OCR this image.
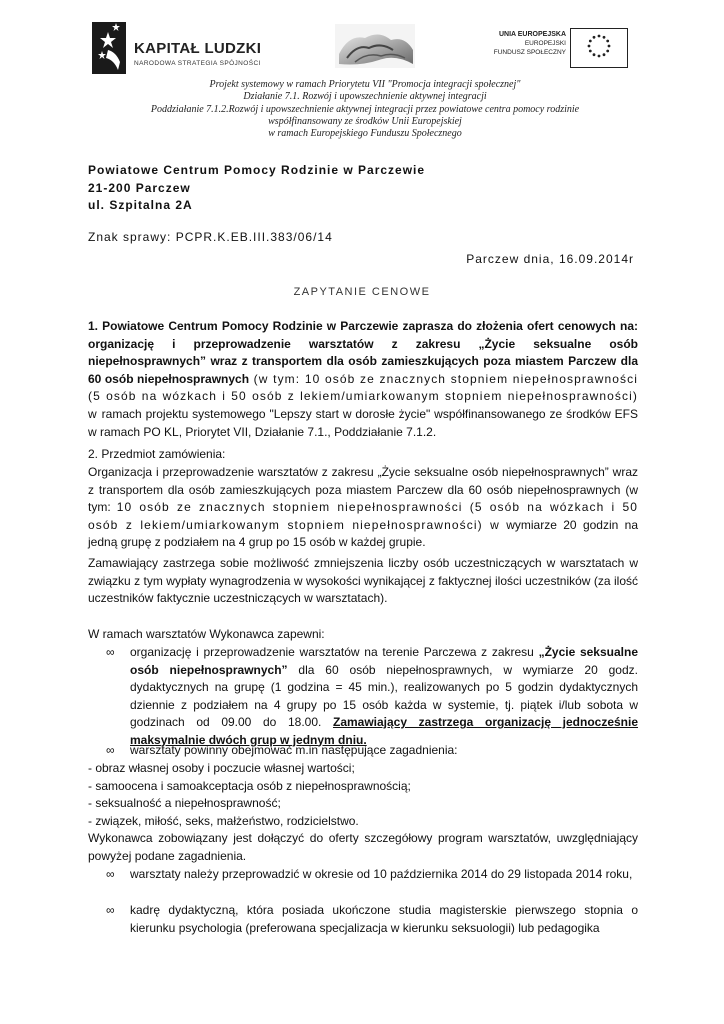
KAPITAŁ LUDZKI
NARODOWA STRATEGIA SPÓJNOŚCI
UNIA EUROPEJSKA
EUROPEJSKI
FUNDUSZ SPOŁECZNY
Projekt systemowy w ramach Priorytetu VII "Promocja integracji społecznej"
Działanie 7.1. Rozwój i upowszechnienie aktywnej integracji
Poddziałanie 7.1.2.Rozwój i upowszechnienie aktywnej integracji przez powiatowe centra pomocy rodzinie
współfinansowany ze środków Unii Europejskiej
w ramach Europejskiego Funduszu Społecznego
Powiatowe Centrum Pomocy Rodzinie w Parczewie
21-200 Parczew
ul. Szpitalna 2A
Znak sprawy: PCPR.K.EB.III.383/06/14
Parczew dnia, 16.09.2014r
ZAPYTANIE CENOWE
1. Powiatowe Centrum Pomocy Rodzinie w Parczewie zaprasza do złożenia ofert cenowych na: organizację i przeprowadzenie warsztatów z zakresu „Życie seksualne osób niepełnosprawnych” wraz z transportem dla osób zamieszkujących poza miastem Parczew dla 60 osób niepełnosprawnych (w tym: 10 osób ze znacznych stopniem niepełnosprawności (5 osób na wózkach i 50 osób z lekiem/umiarkowanym stopniem niepełnosprawności) w ramach projektu systemowego "Lepszy start w dorosłe życie" współfinansowanego ze środków EFS w ramach PO KL, Priorytet VII, Działanie 7.1., Poddziałanie 7.1.2.
2. Przedmiot zamówienia:
Organizacja i przeprowadzenie warsztatów z zakresu „Życie seksualne osób niepełnosprawnych” wraz z transportem dla osób zamieszkujących poza miastem Parczew dla 60 osób niepełnosprawnych (w tym: 10 osób ze znacznych stopniem niepełnosprawności (5 osób na wózkach i 50 osób z lekiem/umiarkowanym stopniem niepełnosprawności) w wymiarze 20 godzin na jedną grupę z podziałem na 4 grup po 15 osób w każdej grupie.
Zamawiający zastrzega sobie możliwość zmniejszenia liczby osób uczestniczących w warsztatach w związku z tym wypłaty wynagrodzenia w wysokości wynikającej z faktycznej ilości uczestników (za ilość uczestników faktycznie uczestniczących w warsztatach).
W ramach warsztatów Wykonawca zapewni:
∞ organizację i przeprowadzenie warsztatów na terenie Parczewa z zakresu „Życie seksualne osób niepełnosprawnych” dla 60 osób niepełnosprawnych, w wymiarze 20 godz. dydaktycznych na grupę (1 godzina = 45 min.), realizowanych po 5 godzin dydaktycznych dziennie z podziałem na 4 grupy po 15 osób każda w systemie, tj. piątek i/lub sobota w godzinach od 09.00 do 18.00. Zamawiający zastrzega organizację jednocześnie maksymalnie dwóch grup w jednym dniu.
∞ warsztaty powinny obejmować m.in następujące zagadnienia:
- obraz własnej osoby i poczucie własnej wartości;
- samoocena i samoakceptacja osób z niepełnosprawnością;
- seksualność a niepełnosprawność;
- związek, miłość, seks, małżeństwo, rodzicielstwo.
Wykonawca zobowiązany jest dołączyć do oferty szczegółowy program warsztatów, uwzględniający powyżej podane zagadnienia.
∞ warsztaty należy przeprowadzić w okresie od 10 października 2014 do 29 listopada 2014 roku,
∞ kadrę dydaktyczną, która posiada ukończone studia magisterskie pierwszego stopnia o kierunku psychologia (preferowana specjalizacja w kierunku seksuologii) lub pedagogika
